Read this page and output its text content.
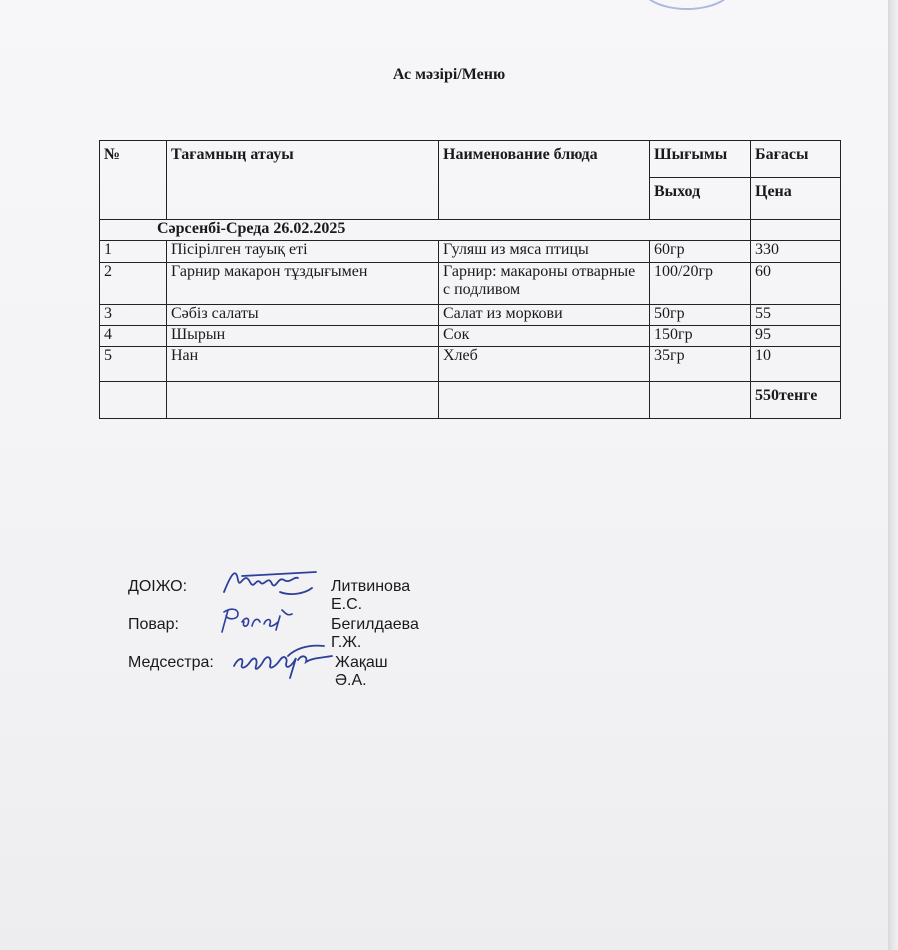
Ас мәзірі/Меню
№	Тағамның атауы	Наименование блюда	Шығымы	Бағасы
			Выход	Цена
Сәрсенбі-Среда 26.02.2025				
1	Пісірілген тауық еті	Гуляш из мяса птицы	60гр	330
2	Гарнир макарон тұздығымен	Гарнир: макароны отварные с подливом	100/20гр	60
3	Сәбіз салаты	Салат из моркови	50гр	55
4	Шырын	Сок	150гр	95
5	Нан	Хлеб	35гр	10
				550тенге
ДОІЖО:	Литвинова Е.С.
Повар:	Бегилдаева Г.Ж.
Медсестра:	Жақаш Ә.А.
